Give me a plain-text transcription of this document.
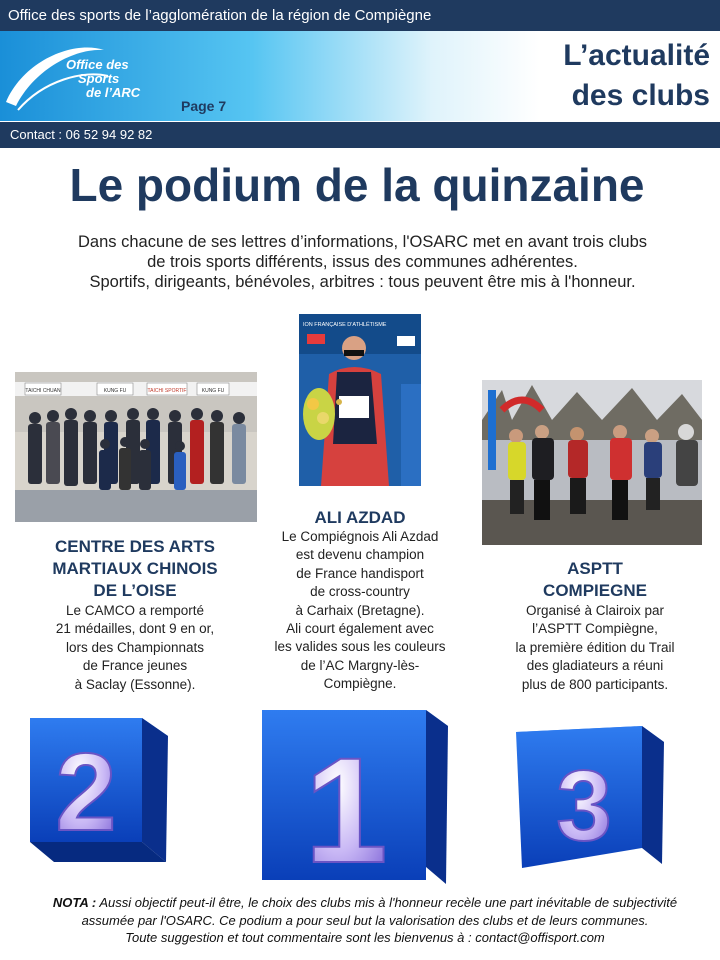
Office des sports de l’agglomération de la région de Compiègne
Office des
Sports
de l’ARC
Page 7
L’actualité
des clubs
Contact : 06 52 94 92 82
Le podium de la quinzaine
Dans chacune de ses lettres d’informations, l'OSARC met en avant trois clubs
de trois sports différents, issus des communes adhérentes.
Sportifs, dirigeants, bénévoles, arbitres : tous peuvent être mis à l'honneur.
TAICHI CHUAN	KUNG FU	TAICHI SPORTIF	KUNG FU
ION FRANÇAISE D'ATHLÉTISME
CENTRE DES ARTS
MARTIAUX CHINOIS
DE L’OISE
Le CAMCO a remporté
21 médailles, dont 9 en or,
lors des Championnats
de France jeunes
à Saclay (Essonne).
ALI AZDAD
Le Compiégnois Ali Azdad
est devenu champion
de France handisport
de cross-country
à Carhaix (Bretagne).
Ali court également avec
les valides sous les couleurs
de l’AC Margny-lès-
Compiègne.
ASPTT
COMPIEGNE
Organisé à Clairoix par
l’ASPTT Compiègne,
la première édition du Trail
des gladiateurs a réuni
plus de 800 participants.
2 1 3
NOTA : Aussi objectif peut-il être, le choix des clubs mis à l'honneur recèle une part inévitable de subjectivité
assumée par l'OSARC. Ce podium a pour seul but la valorisation des clubs et de leurs communes.
Toute suggestion et tout commentaire sont les bienvenus à : contact@offisport.com
